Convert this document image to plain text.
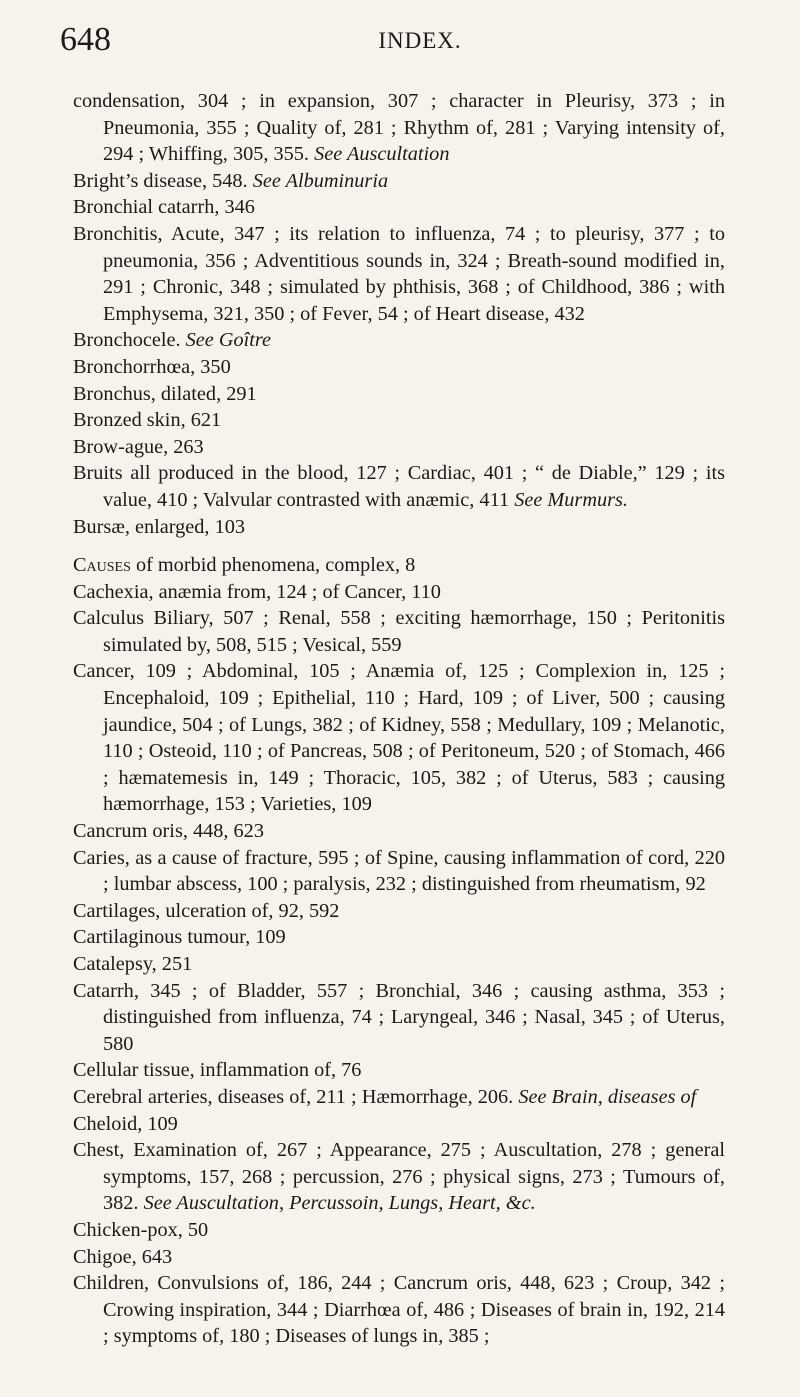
648	INDEX.

condensation, 304 ; in expansion, 307 ; character in Pleurisy, 373 ; in Pneumonia, 355 ; Quality of, 281 ; Rhythm of, 281 ; Varying intensity of, 294 ; Whiffing, 305, 355. See Auscultation

Bright’s disease, 548. See Albuminuria

Bronchial catarrh, 346

Bronchitis, Acute, 347 ; its relation to influenza, 74 ; to pleurisy, 377 ; to pneumonia, 356 ; Adventitious sounds in, 324 ; Breath-sound modified in, 291 ; Chronic, 348 ; simulated by phthisis, 368 ; of Childhood, 386 ; with Emphysema, 321, 350 ; of Fever, 54 ; of Heart disease, 432

Bronchocele. See Goître

Bronchorrhœa, 350

Bronchus, dilated, 291

Bronzed skin, 621

Brow-ague, 263

Bruits all produced in the blood, 127 ; Cardiac, 401 ; “ de Diable,” 129 ; its value, 410 ; Valvular contrasted with anæmic, 411 See Murmurs.

Bursæ, enlarged, 103

Causes of morbid phenomena, complex, 8

Cachexia, anæmia from, 124 ; of Cancer, 110

Calculus Biliary, 507 ; Renal, 558 ; exciting hæmorrhage, 150 ; Peritonitis simulated by, 508, 515 ; Vesical, 559

Cancer, 109 ; Abdominal, 105 ; Anæmia of, 125 ; Complexion in, 125 ; Encephaloid, 109 ; Epithelial, 110 ; Hard, 109 ; of Liver, 500 ; causing jaundice, 504 ; of Lungs, 382 ; of Kidney, 558 ; Medullary, 109 ; Melanotic, 110 ; Osteoid, 110 ; of Pancreas, 508 ; of Peritoneum, 520 ; of Stomach, 466 ; hæmatemesis in, 149 ; Thoracic, 105, 382 ; of Uterus, 583 ; causing hæmorrhage, 153 ; Varieties, 109

Cancrum oris, 448, 623

Caries, as a cause of fracture, 595 ; of Spine, causing inflammation of cord, 220 ; lumbar abscess, 100 ; paralysis, 232 ; distinguished from rheumatism, 92

Cartilages, ulceration of, 92, 592

Cartilaginous tumour, 109

Catalepsy, 251

Catarrh, 345 ; of Bladder, 557 ; Bronchial, 346 ; causing asthma, 353 ; distinguished from influenza, 74 ; Laryngeal, 346 ; Nasal, 345 ; of Uterus, 580

Cellular tissue, inflammation of, 76

Cerebral arteries, diseases of, 211 ; Hæmorrhage, 206. See Brain, diseases of

Cheloid, 109

Chest, Examination of, 267 ; Appearance, 275 ; Auscultation, 278 ; general symptoms, 157, 268 ; percussion, 276 ; physical signs, 273 ; Tumours of, 382. See Auscultation, Percussoin, Lungs, Heart, &c.

Chicken-pox, 50

Chigoe, 643

Children, Convulsions of, 186, 244 ; Cancrum oris, 448, 623 ; Croup, 342 ; Crowing inspiration, 344 ; Diarrhœa of, 486 ; Diseases of brain in, 192, 214 ; symptoms of, 180 ; Diseases of lungs in, 385 ;
